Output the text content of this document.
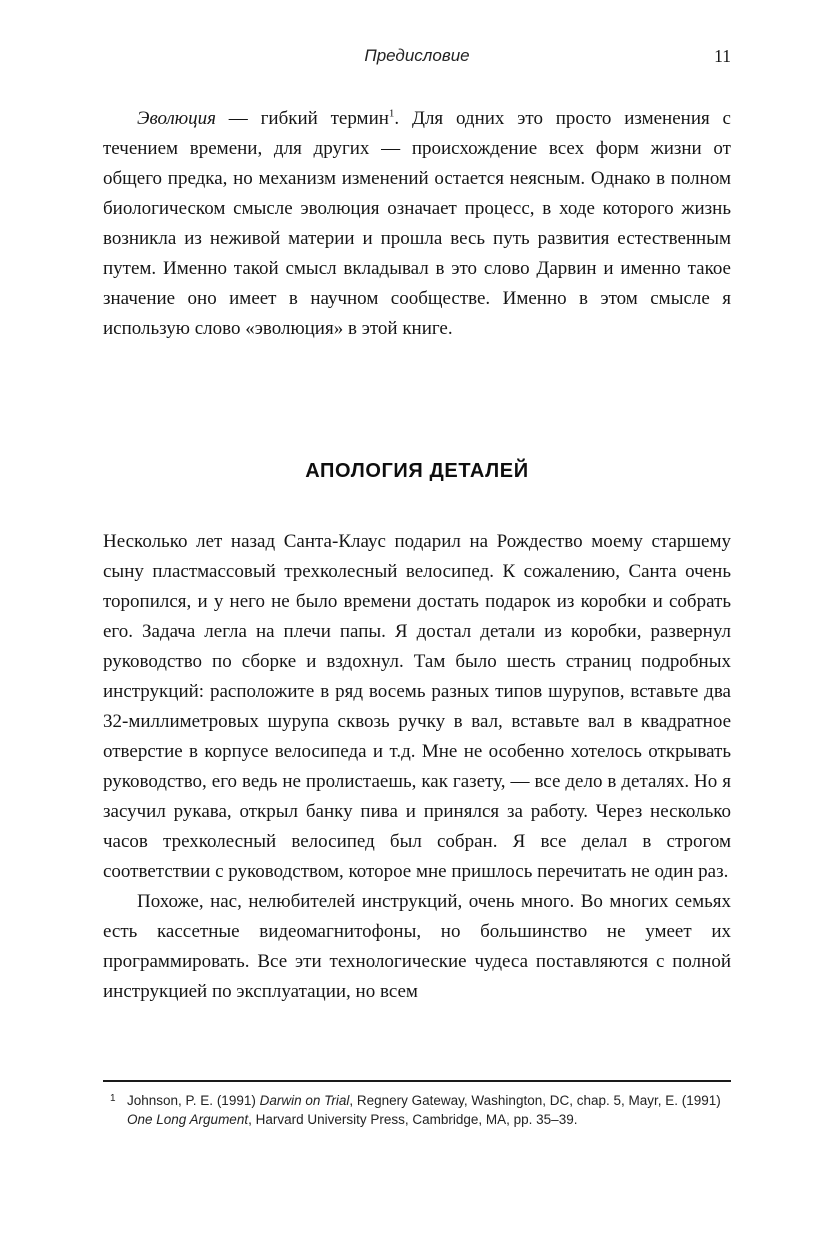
Предисловие	11
Эволюция — гибкий термин$^1$. Для одних это просто изменения с течением времени, для других — происхождение всех форм жизни от общего предка, но механизм изменений остается неясным. Однако в полном биологическом смысле эволюция означает процесс, в ходе которого жизнь возникла из неживой материи и прошла весь путь развития естественным путем. Именно такой смысл вкладывал в это слово Дарвин и именно такое значение оно имеет в научном сообществе. Именно в этом смысле я использую слово «эволюция» в этой книге.
АПОЛОГИЯ ДЕТАЛЕЙ

Несколько лет назад Санта-Клаус подарил на Рождество моему старшему сыну пластмассовый трехколесный велосипед. К сожалению, Санта очень торопился, и у него не было времени достать подарок из коробки и собрать его. Задача легла на плечи папы. Я достал детали из коробки, развернул руководство по сборке и вздохнул. Там было шесть страниц подробных инструкций: расположите в ряд восемь разных типов шурупов, вставьте два 32-миллиметровых шурупа сквозь ручку в вал, вставьте вал в квадратное отверстие в корпусе велосипеда и т.д. Мне не особенно хотелось открывать руководство, его ведь не пролистаешь, как газету, — все дело в деталях. Но я засучил рукава, открыл банку пива и принялся за работу. Через несколько часов трехколесный велосипед был собран. Я все делал в строгом соответствии с руководством, которое мне пришлось перечитать не один раз.

Похоже, нас, нелюбителей инструкций, очень много. Во многих семьях есть кассетные видеомагнитофоны, но большинство не умеет их программировать. Все эти технологические чудеса поставляются с полной инструкцией по эксплуатации, но всем

1 Johnson, P. E. (1991) Darwin on Trial, Regnery Gateway, Washington, DC, chap. 5, Mayr, E. (1991) One Long Argument, Harvard University Press, Cambridge, MA, pp. 35–39.
